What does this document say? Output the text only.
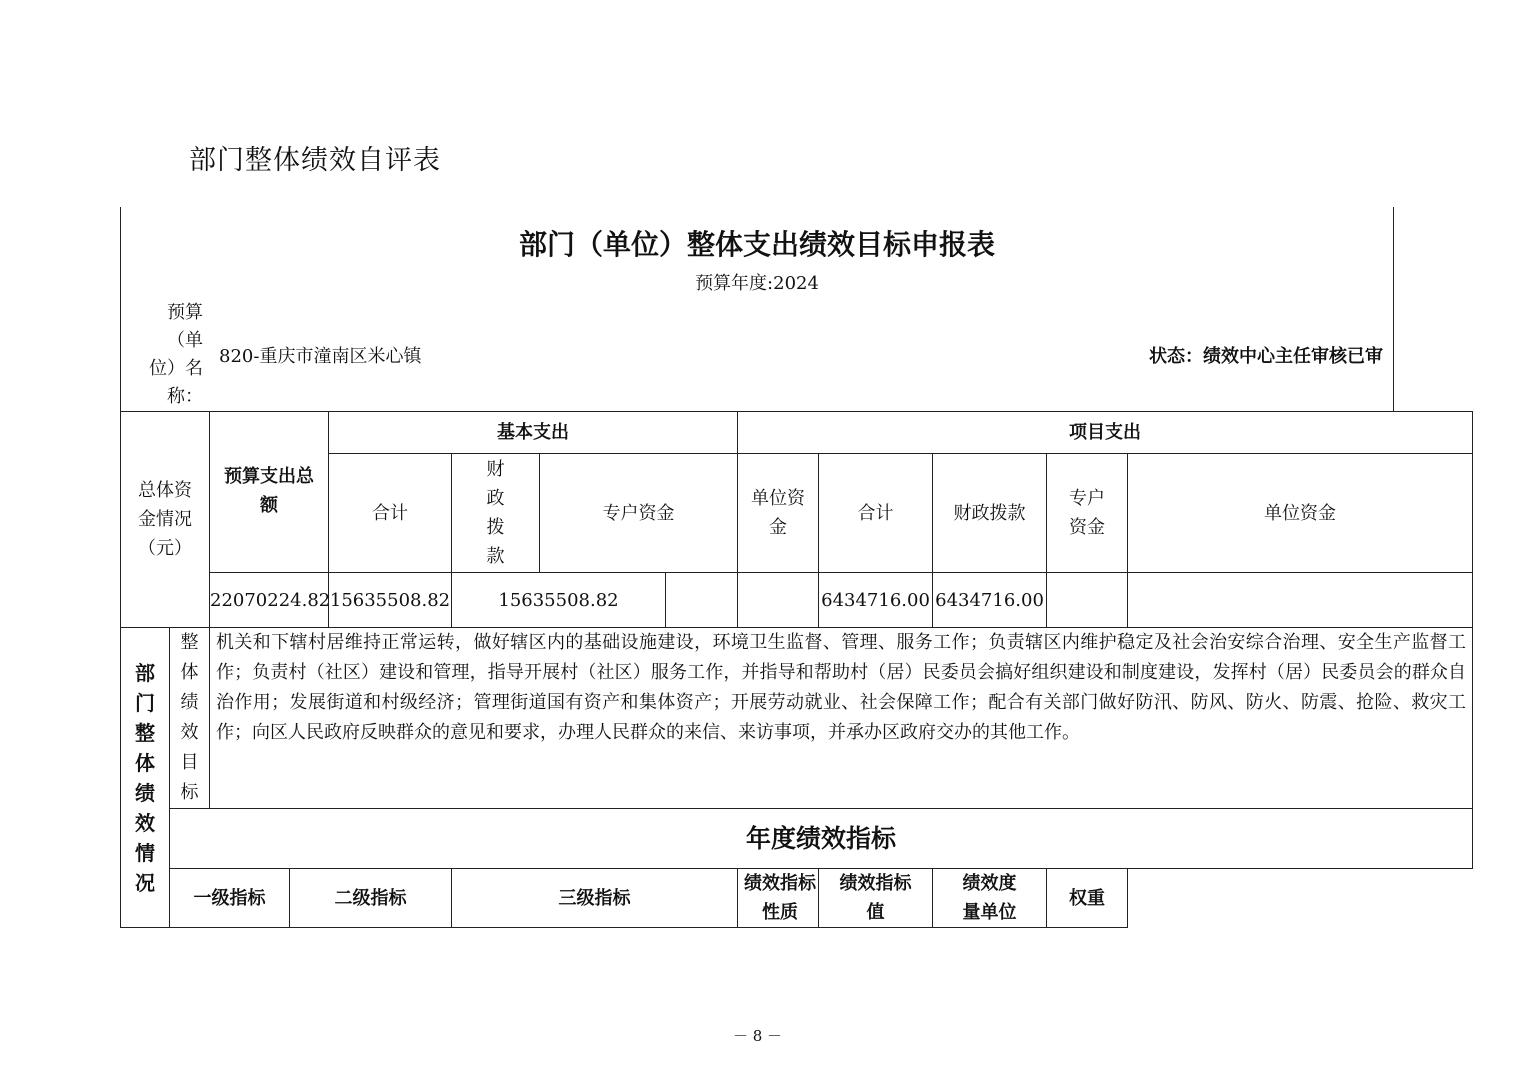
部门整体绩效自评表
部门（单位）整体支出绩效目标申报表
预算年度:2024
预算
（单
位）名
称：
820-重庆市潼南区米心镇	状态：绩效中心主任审核已审
总体资金情况（元）		预算支出总额		基本支出				项目支出				
				合计	财政拨款	专户资金		单位资金	合计	财政拨款	专户资金	单位资金
		22070224.82		15635508.82	15635508.82				6434716.00	6434716.00		

部门整体绩效情况	整体绩效目标	机关和下辖村居维持正常运转，做好辖区内的基础设施建设，环境卫生监督、管理、服务工作；负责辖区内维护稳定及社会治安综合治理、安全生产监督工作；负责村（社区）建设和管理，指导开展村（社区）服务工作，并指导和帮助村（居）民委员会搞好组织建设和制度建设，发挥村（居）民委员会的群众自治作用；发展街道和村级经济；管理街道国有资产和集体资产；开展劳动就业、社会保障工作；配合有关部门做好防汛、防风、防火、防震、抢险、救灾工作；向区人民政府反映群众的意见和要求，办理人民群众的来信、来访事项，并承办区政府交办的其他工作。										
	年度绩效指标											
	一级指标		二级指标		三级指标			绩效指标性质	绩效指标值	绩效度量单位	权重	
－ 8 －
